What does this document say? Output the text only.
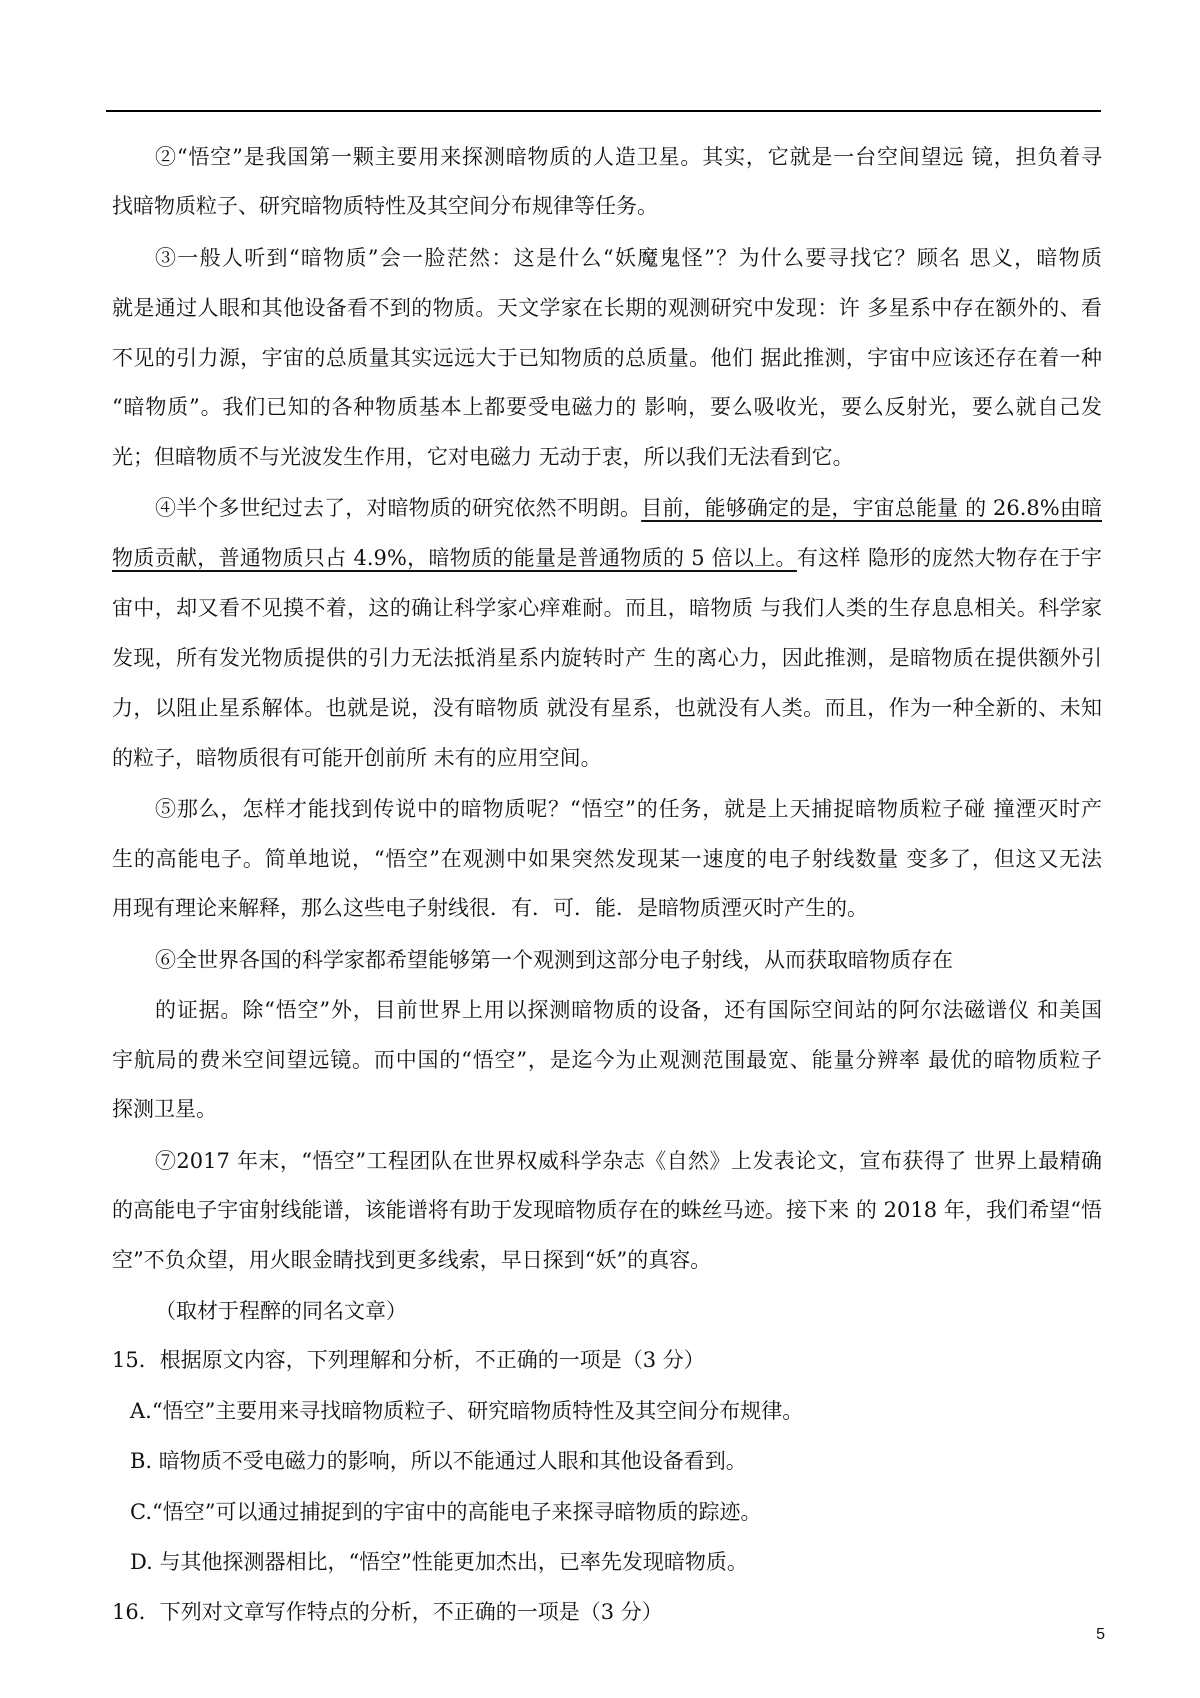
②“悟空”是我国第一颗主要用来探测暗物质的人造卫星。其实，它就是一台空间望远 镜，担负着寻
找暗物质粒子、研究暗物质特性及其空间分布规律等任务。
③一般人听到“暗物质”会一脸茫然：这是什么“妖魔鬼怪”？为什么要寻找它？顾名 思义，暗物质
就是通过人眼和其他设备看不到的物质。天文学家在长期的观测研究中发现：许 多星系中存在额外的、看
不见的引力源，宇宙的总质量其实远远大于已知物质的总质量。他们 据此推测，宇宙中应该还存在着一种
“暗物质”。我们已知的各种物质基本上都要受电磁力的 影响，要么吸收光，要么反射光，要么就自己发
光；但暗物质不与光波发生作用，它对电磁力 无动于衷，所以我们无法看到它。
④半个多世纪过去了，对暗物质的研究依然不明朗。目前，能够确定的是，宇宙总能量 的 26.8%由暗
物质贡献，普通物质只占 4.9%，暗物质的能量是普通物质的 5 倍以上。有这样 隐形的庞然大物存在于宇
宙中，却又看不见摸不着，这的确让科学家心痒难耐。而且，暗物质 与我们人类的生存息息相关。科学家
发现，所有发光物质提供的引力无法抵消星系内旋转时产 生的离心力，因此推测，是暗物质在提供额外引
力，以阻止星系解体。也就是说，没有暗物质 就没有星系，也就没有人类。而且，作为一种全新的、未知
的粒子，暗物质很有可能开创前所 未有的应用空间。
⑤那么，怎样才能找到传说中的暗物质呢？“悟空”的任务，就是上天捕捉暗物质粒子碰 撞湮灭时产
生的高能电子。简单地说，“悟空”在观测中如果突然发现某一速度的电子射线数量 变多了，但这又无法
用现有理论来解释，那么这些电子射线很．有．可．能．是暗物质湮灭时产生的。
⑥全世界各国的科学家都希望能够第一个观测到这部分电子射线，从而获取暗物质存在
的证据。除“悟空”外，目前世界上用以探测暗物质的设备，还有国际空间站的阿尔法磁谱仪 和美国
宇航局的费米空间望远镜。而中国的“悟空”，是迄今为止观测范围最宽、能量分辨率 最优的暗物质粒子
探测卫星。
⑦2017 年末，“悟空”工程团队在世界权威科学杂志《自然》上发表论文，宣布获得了 世界上最精确
的高能电子宇宙射线能谱，该能谱将有助于发现暗物质存在的蛛丝马迹。接下来 的 2018 年，我们希望“悟
空”不负众望，用火眼金睛找到更多线索，早日探到“妖”的真容。
（取材于程醉的同名文章）
15．根据原文内容，下列理解和分析，不正确的一项是（3 分）
A.“悟空”主要用来寻找暗物质粒子、研究暗物质特性及其空间分布规律。
B. 暗物质不受电磁力的影响，所以不能通过人眼和其他设备看到。
C.“悟空”可以通过捕捉到的宇宙中的高能电子来探寻暗物质的踪迹。
D. 与其他探测器相比，“悟空”性能更加杰出，已率先发现暗物质。
16．下列对文章写作特点的分析，不正确的一项是（3 分）
5
